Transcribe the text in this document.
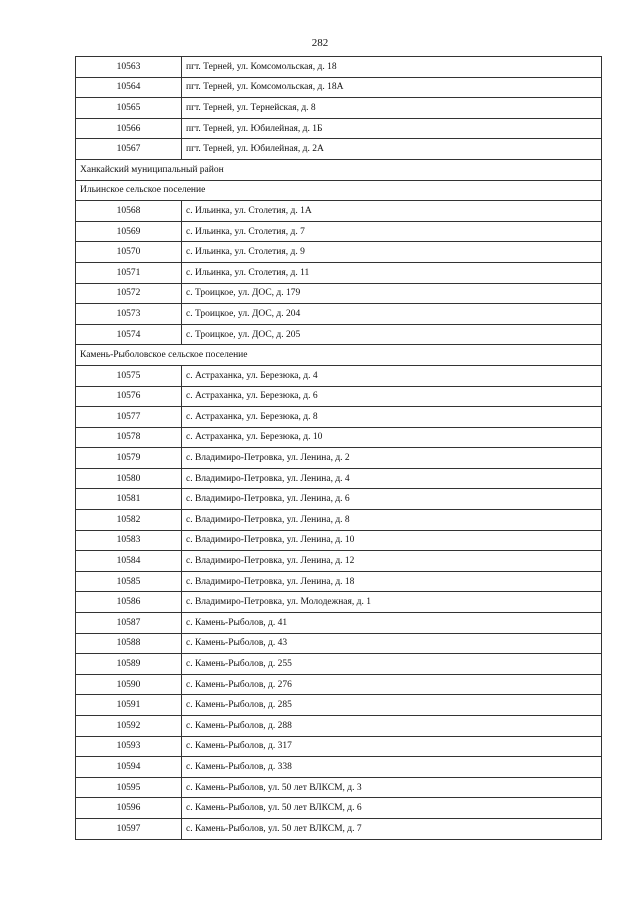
282
10563	пгт. Терней, ул. Комсомольская, д. 18
10564	пгт. Терней, ул. Комсомольская, д. 18А
10565	пгт. Терней, ул. Тернейская, д. 8
10566	пгт. Терней, ул. Юбилейная, д. 1Б
10567	пгт. Терней, ул. Юбилейная, д. 2А
Ханкайский муниципальный район	
Ильинское сельское поселение	
10568	с. Ильинка, ул. Столетия, д. 1А
10569	с. Ильинка, ул. Столетия, д. 7
10570	с. Ильинка, ул. Столетия, д. 9
10571	с. Ильинка, ул. Столетия, д. 11
10572	с. Троицкое, ул. ДОС, д. 179
10573	с. Троицкое, ул. ДОС, д. 204
10574	с. Троицкое, ул. ДОС, д. 205
Камень-Рыболовское сельское поселение	
10575	с. Астраханка, ул. Березюка, д. 4
10576	с. Астраханка, ул. Березюка, д. 6
10577	с. Астраханка, ул. Березюка, д. 8
10578	с. Астраханка, ул. Березюка, д. 10
10579	с. Владимиро-Петровка, ул. Ленина, д. 2
10580	с. Владимиро-Петровка, ул. Ленина, д. 4
10581	с. Владимиро-Петровка, ул. Ленина, д. 6
10582	с. Владимиро-Петровка, ул. Ленина, д. 8
10583	с. Владимиро-Петровка, ул. Ленина, д. 10
10584	с. Владимиро-Петровка, ул. Ленина, д. 12
10585	с. Владимиро-Петровка, ул. Ленина, д. 18
10586	с. Владимиро-Петровка, ул. Молодежная, д. 1
10587	с. Камень-Рыболов, д. 41
10588	с. Камень-Рыболов, д. 43
10589	с. Камень-Рыболов, д. 255
10590	с. Камень-Рыболов, д. 276
10591	с. Камень-Рыболов, д. 285
10592	с. Камень-Рыболов, д. 288
10593	с. Камень-Рыболов, д. 317
10594	с. Камень-Рыболов, д. 338
10595	с. Камень-Рыболов, ул. 50 лет ВЛКСМ, д. 3
10596	с. Камень-Рыболов, ул. 50 лет ВЛКСМ, д. 6
10597	с. Камень-Рыболов, ул. 50 лет ВЛКСМ, д. 7
